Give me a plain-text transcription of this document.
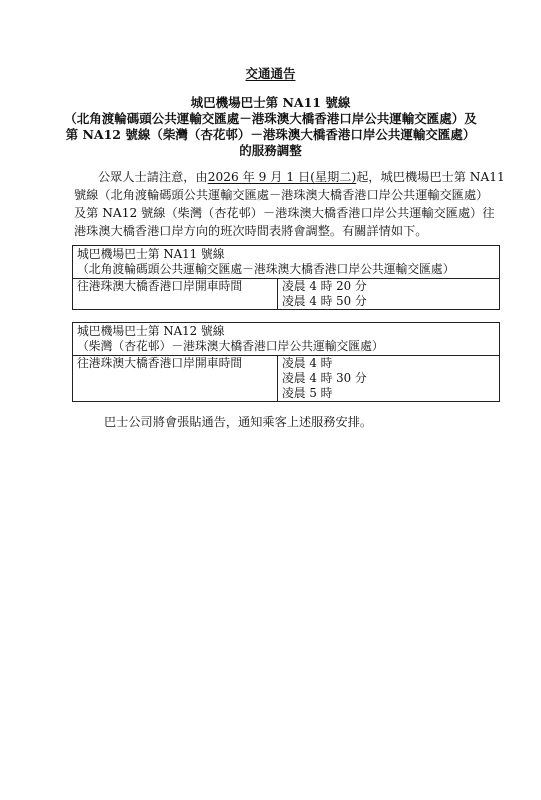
交通通告
城巴機場巴士第 NA11 號線
（北角渡輪碼頭公共運輸交匯處－港珠澳大橋香港口岸公共運輸交匯處）及
第 NA12 號線（柴灣（杏花邨）－港珠澳大橋香港口岸公共運輸交匯處）
的服務調整
公眾人士請注意，由2026 年 9 月 1 日(星期二)起，城巴機場巴士第 NA11
號線（北角渡輪碼頭公共運輸交匯處－港珠澳大橋香港口岸公共運輸交匯處）
及第 NA12 號線（柴灣（杏花邨）－港珠澳大橋香港口岸公共運輸交匯處）往
港珠澳大橋香港口岸方向的班次時間表將會調整。有關詳情如下。
城巴機場巴士第 NA11 號線
（北角渡輪碼頭公共運輸交匯處－港珠澳大橋香港口岸公共運輸交匯處）

往港珠澳大橋香港口岸開車時間	凌晨 4 時 20 分
凌晨 4 時 50 分
城巴機場巴士第 NA12 號線
（柴灣（杏花邨）－港珠澳大橋香港口岸公共運輸交匯處）

往港珠澳大橋香港口岸開車時間	凌晨 4 時
凌晨 4 時 30 分
凌晨 5 時
巴士公司將會張貼通告，通知乘客上述服務安排。
